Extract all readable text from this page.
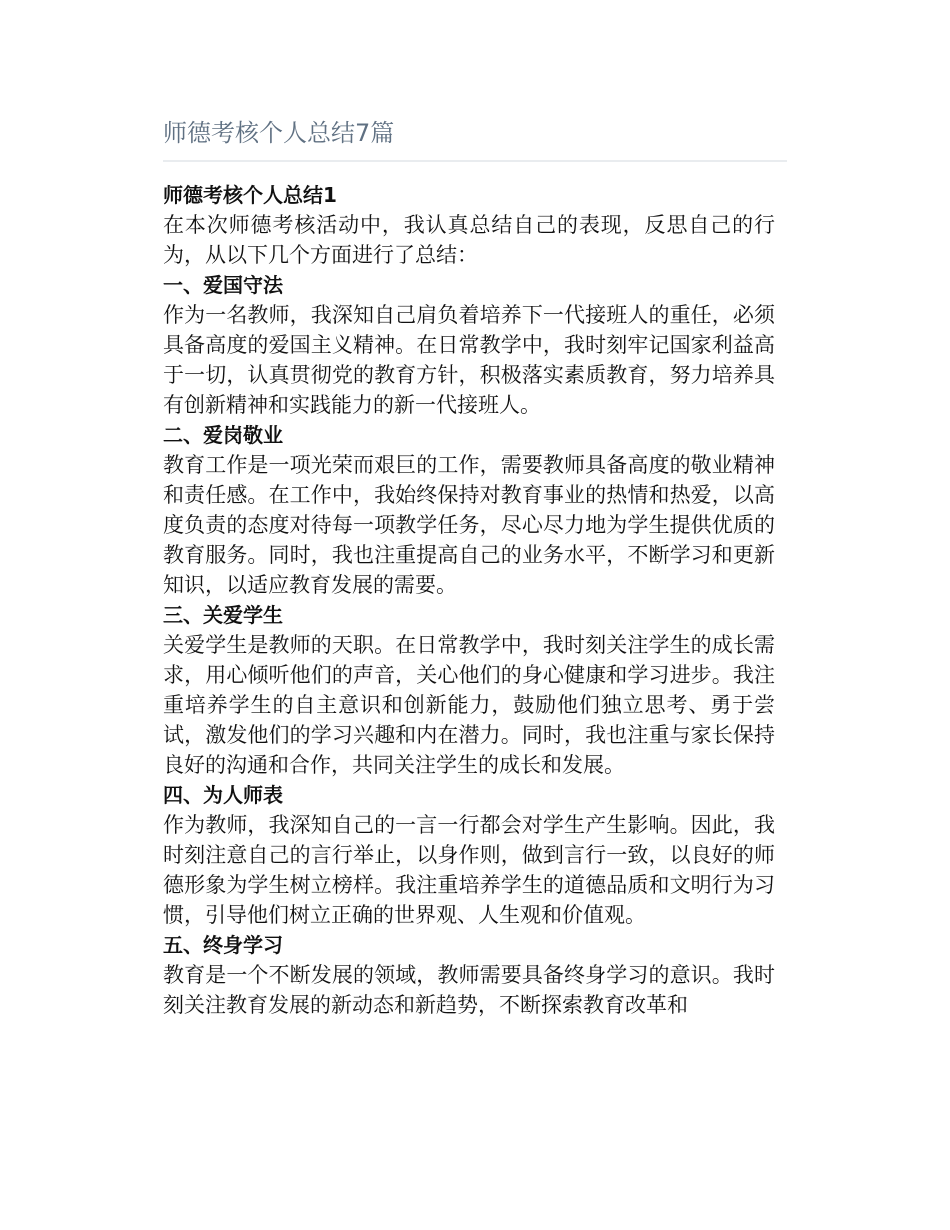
师德考核个人总结7篇

师德考核个人总结1

在本次师德考核活动中，我认真总结自己的表现，反思自己的行为，从以下几个方面进行了总结：

一、爱国守法

作为一名教师，我深知自己肩负着培养下一代接班人的重任，必须具备高度的爱国主义精神。在日常教学中，我时刻牢记国家利益高于一切，认真贯彻党的教育方针，积极落实素质教育，努力培养具有创新精神和实践能力的新一代接班人。

二、爱岗敬业

教育工作是一项光荣而艰巨的工作，需要教师具备高度的敬业精神和责任感。在工作中，我始终保持对教育事业的热情和热爱，以高度负责的态度对待每一项教学任务，尽心尽力地为学生提供优质的教育服务。同时，我也注重提高自己的业务水平，不断学习和更新知识，以适应教育发展的需要。

三、关爱学生

关爱学生是教师的天职。在日常教学中，我时刻关注学生的成长需求，用心倾听他们的声音，关心他们的身心健康和学习进步。我注重培养学生的自主意识和创新能力，鼓励他们独立思考、勇于尝试，激发他们的学习兴趣和内在潜力。同时，我也注重与家长保持良好的沟通和合作，共同关注学生的成长和发展。

四、为人师表

作为教师，我深知自己的一言一行都会对学生产生影响。因此，我时刻注意自己的言行举止，以身作则，做到言行一致，以良好的师德形象为学生树立榜样。我注重培养学生的道德品质和文明行为习惯，引导他们树立正确的世界观、人生观和价值观。

五、终身学习

教育是一个不断发展的领域，教师需要具备终身学习的意识。我时刻关注教育发展的新动态和新趋势，不断探索教育改革和
